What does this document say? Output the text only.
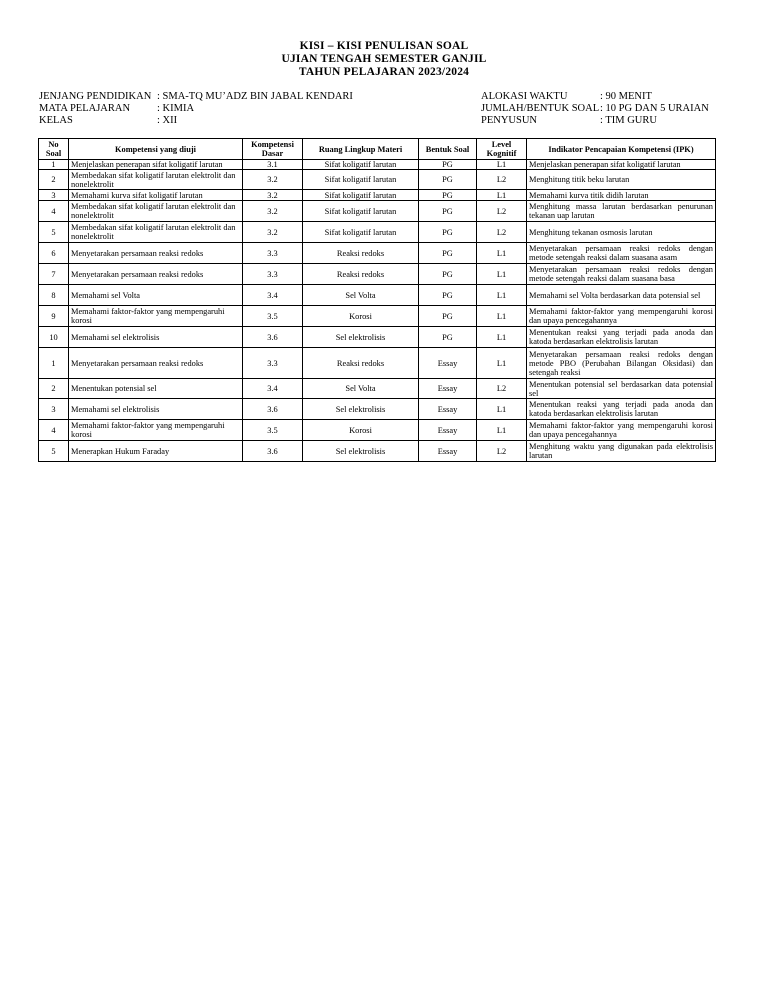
KISI – KISI PENULISAN SOAL
UJIAN TENGAH SEMESTER GANJIL
TAHUN PELAJARAN 2023/2024
JENJANG PENDIDIKAN : SMA-TQ MU’ADZ BIN JABAL KENDARI
MATA PELAJARAN	: KIMIA
KELAS	: XII
ALOKASI WAKTU	: 90 MENIT
JUMLAH/BENTUK SOAL : 10 PG DAN 5 URAIAN
PENYUSUN	: TIM GURU
No Soal	Kompetensi yang diuji	Kompetensi Dasar	Ruang Lingkup Materi	Bentuk Soal	Level Kognitif	Indikator Pencapaian Kompetensi (IPK)
1	Menjelaskan penerapan sifat koligatif larutan	3.1	Sifat koligatif larutan	PG	L1	Menjelaskan penerapan sifat koligatif larutan
2	Membedakan sifat koligatif larutan elektrolit dan nonelektrolit	3.2	Sifat koligatif larutan	PG	L2	Menghitung titik beku larutan
3	Memahami kurva sifat koligatif larutan	3.2	Sifat koligatif larutan	PG	L1	Memahami kurva titik didih larutan
4	Membedakan sifat koligatif larutan elektrolit dan nonelektrolit	3.2	Sifat koligatif larutan	PG	L2	Menghitung massa larutan berdasarkan penurunan tekanan uap larutan
5	Membedakan sifat koligatif larutan elektrolit dan nonelektrolit	3.2	Sifat koligatif larutan	PG	L2	Menghitung tekanan osmosis larutan
6	Menyetarakan persamaan reaksi redoks	3.3	Reaksi redoks	PG	L1	Menyetarakan persamaan reaksi redoks dengan metode setengah reaksi dalam suasana asam
7	Menyetarakan persamaan reaksi redoks	3.3	Reaksi redoks	PG	L1	Menyetarakan persamaan reaksi redoks dengan metode setengah reaksi dalam suasana basa
8	Memahami sel Volta	3.4	Sel Volta	PG	L1	Memahami sel Volta berdasarkan data potensial sel
9	Memahami faktor-faktor yang mempengaruhi korosi	3.5	Korosi	PG	L1	Memahami faktor-faktor yang mempengaruhi korosi dan upaya pencegahannya
10	Memahami sel elektrolisis	3.6	Sel elektrolisis	PG	L1	Menentukan reaksi yang terjadi pada anoda dan katoda berdasarkan elektrolisis larutan
1	Menyetarakan persamaan reaksi redoks	3.3	Reaksi redoks	Essay	L1	Menyetarakan persamaan reaksi redoks dengan metode PBO (Perubahan Bilangan Oksidasi) dan setengah reaksi
2	Menentukan potensial sel	3.4	Sel Volta	Essay	L2	Menentukan potensial sel berdasarkan data potensial sel
3	Memahami sel elektrolisis	3.6	Sel elektrolisis	Essay	L1	Menentukan reaksi yang terjadi pada anoda dan katoda berdasarkan elektrolisis larutan
4	Memahami faktor-faktor yang mempengaruhi korosi	3.5	Korosi	Essay	L1	Memahami faktor-faktor yang mempengaruhi korosi dan upaya pencegahannya
5	Menerapkan Hukum Faraday	3.6	Sel elektrolisis	Essay	L2	Menghitung waktu yang digunakan pada elektrolisis larutan
